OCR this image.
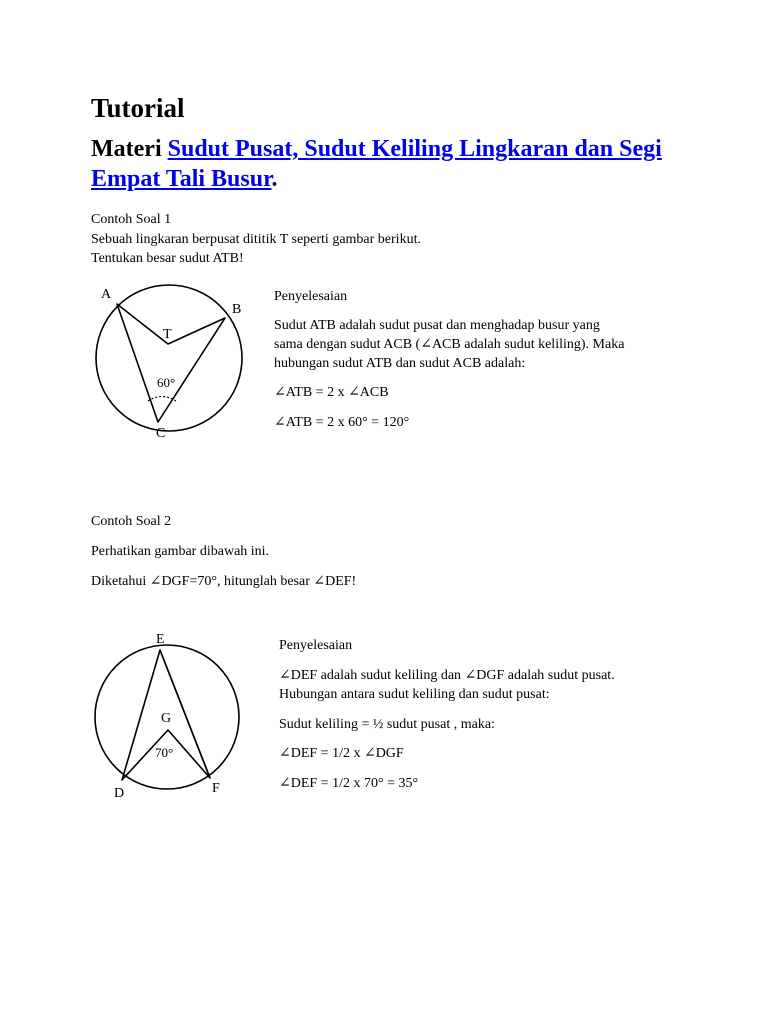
Tutorial
Materi Sudut Pusat, Sudut Keliling Lingkaran dan Segi Empat Tali Busur.
Contoh Soal 1
Sebuah lingkaran berpusat dititik T seperti gambar berikut.
Tentukan besar sudut ATB!
A
B
T
C
60°
E
G
D	F
70°
Penyelesaian
Sudut ATB adalah sudut pusat dan menghadap busur yang
sama dengan sudut ACB (∠ACB adalah sudut keliling). Maka
hubungan sudut ATB dan sudut ACB adalah:
∠ATB = 2 x ∠ACB
∠ATB = 2 x 60° = 120°
Contoh Soal 2
Perhatikan gambar dibawah ini.
Diketahui ∠DGF=70°, hitunglah besar ∠DEF!
Penyelesaian
∠DEF adalah sudut keliling dan ∠DGF adalah sudut pusat.
Hubungan antara sudut keliling dan sudut pusat:
Sudut keliling = ½ sudut pusat , maka:
∠DEF = 1/2 x ∠DGF
∠DEF = 1/2 x 70° = 35°
